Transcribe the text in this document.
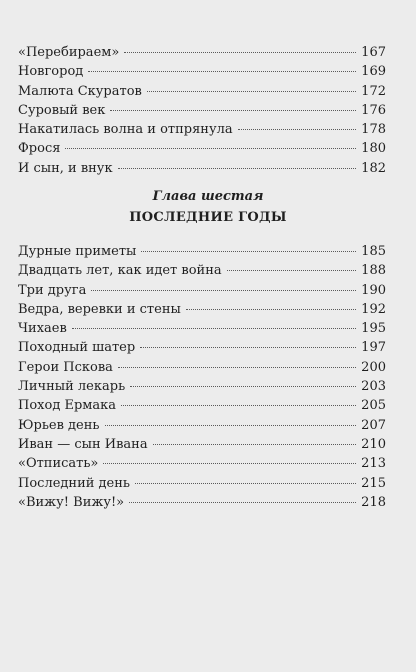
«Перебираем»	167
Новгород	169
Малюта Скуратов	172
Суровый век	176
Накатилась волна и отпрянула	178
Фрося	180
И сын, и внук	182
Глава шестая
ПОСЛЕДНИЕ ГОДЫ
Дурные приметы	185
Двадцать лет, как идет война	188
Три друга	190
Ведра, веревки и стены	192
Чихаев	195
Походный шатер	197
Герои Пскова	200
Личный лекарь	203
Поход Ермака	205
Юрьев день	207
Иван — сын Ивана	210
«Отписать»	213
Последний день	215
«Вижу! Вижу!»	218
